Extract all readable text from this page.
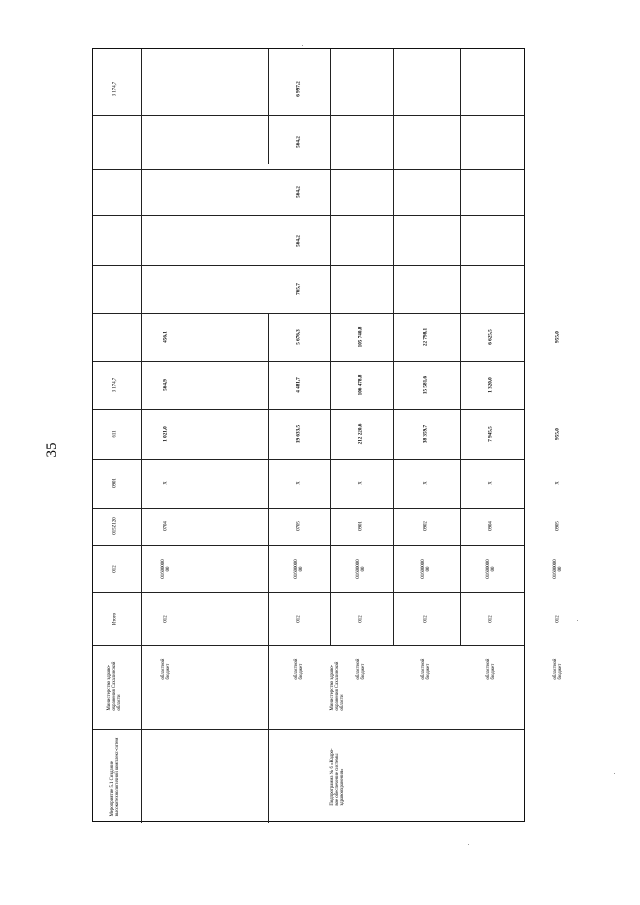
35
Мероприятие 5.1 Создание
высокотехнологичной комплекс-ситем
Министерство здраво-
охранения Сахалинской
области
Итого
012
015Z120
0901
611
3 174,7
3 174,7
Подпрограмма № 6 «Кадро-
вое обеспечение системы
здравоохранения»
Министерство здраво-
охранения Сахалинской
области
областной
бюджет
012
01600000
00
0704
X
1 021,0
564,9
456,1
областной
бюджет
012
01600000
00
0705
X
19 633,5
4 481,7
5 676,3
765,7
564,2
564,2
564,2
6 997,2
областной
бюджет
012
01600000
00
0901
X
212 220,6
106 478,8
105 740,8
областной
бюджет
012
01600000
00
0902
X
38 359,7
15 581,6
22 798,1
областной
бюджет
012
01600000
00
0904
X
7 945,5
1 320,0
6 625,5
областной
бюджет
012
01600000
00
0905
X
955,0
955,0
